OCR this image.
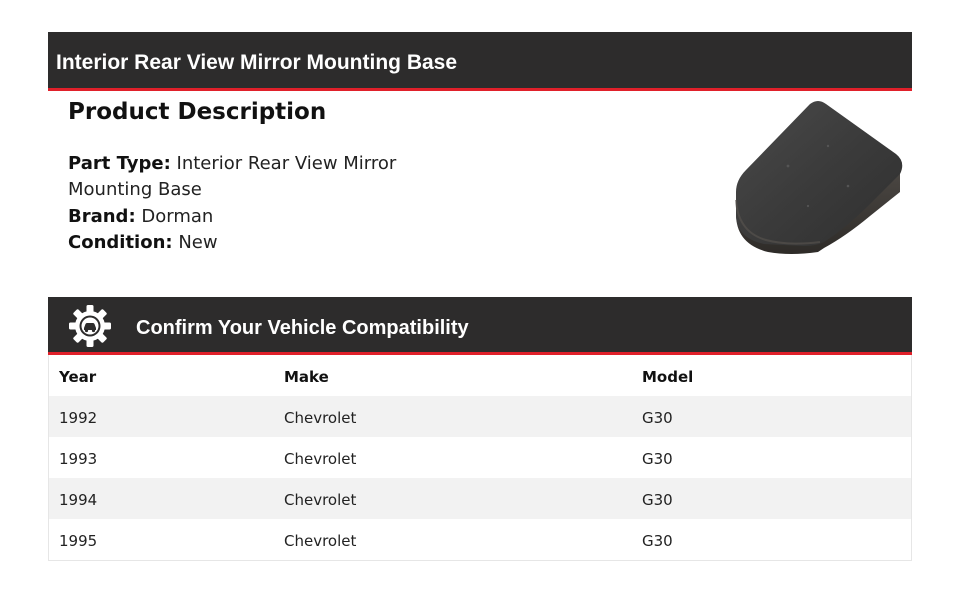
Interior Rear View Mirror Mounting Base
Product Description
Part Type: Interior Rear View Mirror Mounting Base
Brand: Dorman
Condition: New
Confirm Your Vehicle Compatibility
Year	Make	Model
1992	Chevrolet	G30
1993	Chevrolet	G30
1994	Chevrolet	G30
1995	Chevrolet	G30
